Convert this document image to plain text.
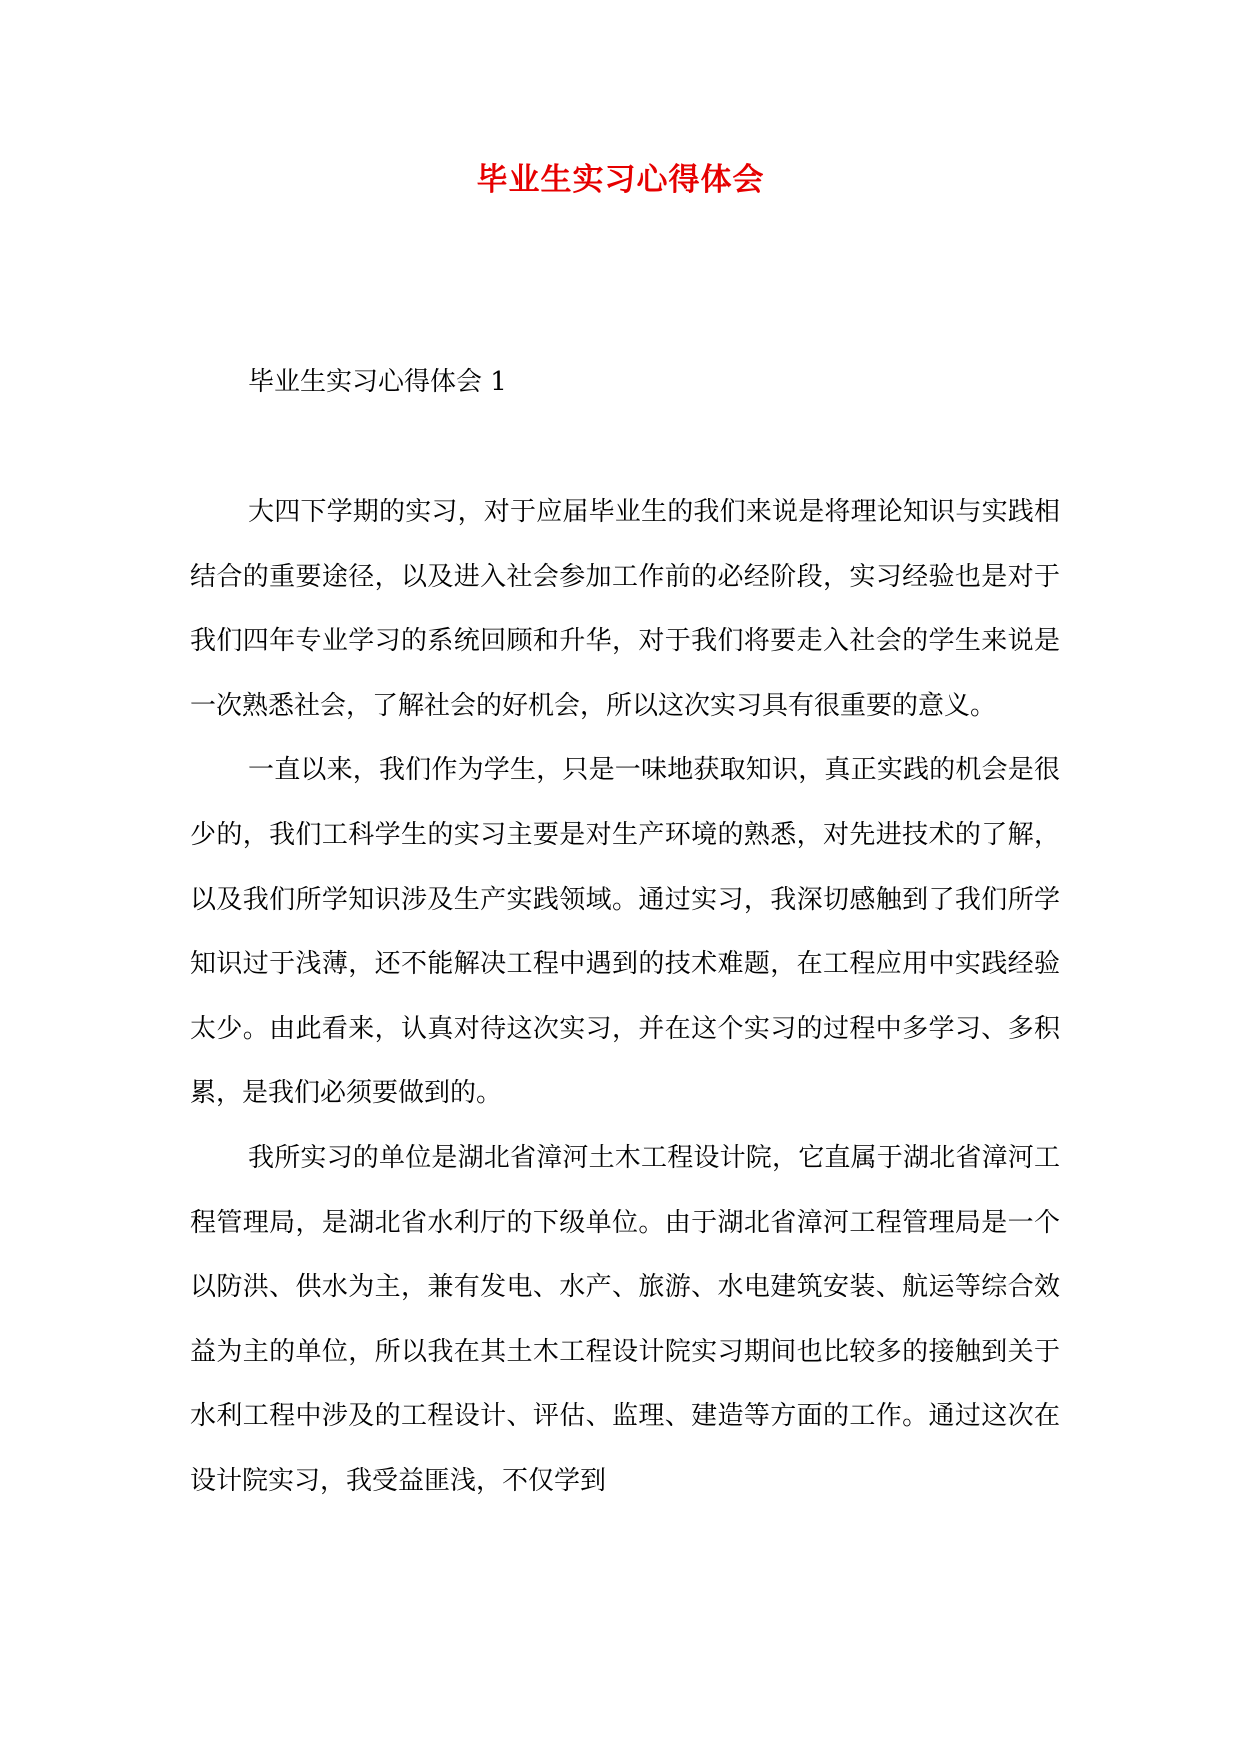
毕业生实习心得体会
毕业生实习心得体会 1

大四下学期的实习，对于应届毕业生的我们来说是将理论知识与实践相结合的重要途径，以及进入社会参加工作前的必经阶段，实习经验也是对于我们四年专业学习的系统回顾和升华，对于我们将要走入社会的学生来说是一次熟悉社会，了解社会的好机会，所以这次实习具有很重要的意义。

一直以来，我们作为学生，只是一味地获取知识，真正实践的机会是很少的，我们工科学生的实习主要是对生产环境的熟悉，对先进技术的了解，以及我们所学知识涉及生产实践领域。通过实习，我深切感触到了我们所学知识过于浅薄，还不能解决工程中遇到的技术难题，在工程应用中实践经验太少。由此看来，认真对待这次实习，并在这个实习的过程中多学习、多积累，是我们必须要做到的。

我所实习的单位是湖北省漳河土木工程设计院，它直属于湖北省漳河工程管理局，是湖北省水利厅的下级单位。由于湖北省漳河工程管理局是一个以防洪、供水为主，兼有发电、水产、旅游、水电建筑安装、航运等综合效益为主的单位，所以我在其土木工程设计院实习期间也比较多的接触到关于水利工程中涉及的工程设计、评估、监理、建造等方面的工作。通过这次在设计院实习，我受益匪浅，不仅学到
